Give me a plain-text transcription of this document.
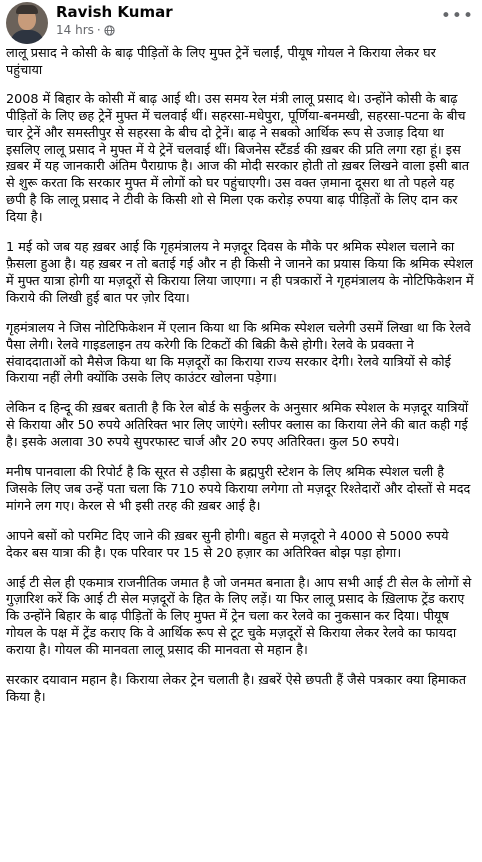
Ravish Kumar
14 hrs ·
•••

लालू प्रसाद ने कोसी के बाढ़ पीड़ितों के लिए मुफ्त ट्रेनें चलाईं, पीयूष गोयल ने किराया लेकर घर पहुंचाया

2008 में बिहार के कोसी में बाढ़ आई थी। उस समय रेल मंत्री लालू प्रसाद थे। उन्होंने कोसी के बाढ़ पीड़ितों के लिए छह ट्रेनें मुफ्त में चलवाई थीं। सहरसा-मधेपुरा, पूर्णिया-बनमखी, सहरसा-पटना के बीच चार ट्रेनें और समस्तीपुर से सहरसा के बीच दो ट्रेनें। बाढ़ ने सबको आर्थिक रूप से उजाड़ दिया था इसलिए लालू प्रसाद ने मुफ्त में ये ट्रेनें चलवाई थीं। बिजनेस स्टैंडर्ड की ख़बर की प्रति लगा रहा हूं। इस ख़बर में यह जानकारी अंतिम पैराग्राफ है। आज की मोदी सरकार होती तो ख़बर लिखने वाला इसी बात से शुरू करता कि सरकार मुफ्त में लोगों को घर पहुंचाएगी। उस वक्त ज़माना दूसरा था तो पहले यह छपी है कि लालू प्रसाद ने टीवी के किसी शो से मिला एक करोड़ रुपया बाढ़ पीड़ितों के लिए दान कर दिया है।

1 मई को जब यह ख़बर आई कि गृहमंत्रालय ने मज़दूर दिवस के मौके पर श्रमिक स्पेशल चलाने का फ़ैसला हुआ है। यह ख़बर न तो बताई गई और न ही किसी ने जानने का प्रयास किया कि श्रमिक स्पेशल में मुफ्त यात्रा होगी या मज़दूरों से किराया लिया जाएगा। न ही पत्रकारों ने गृहमंत्रालय के नोटिफिकेशन में किराये की लिखी हुई बात पर ज़ोर दिया।

गृहमंत्रालय ने जिस नोटिफिकेशन में एलान किया था कि श्रमिक स्पेशल चलेगी उसमें लिखा था कि रेलवे पैसा लेगी। रेलवे गाइडलाइन तय करेगी कि टिकटों की बिक्री कैसे होगी। रेलवे के प्रवक्ता ने संवाददाताओं को मैसेज किया था कि मज़दूरों का किराया राज्य सरकार देगी। रेलवे यात्रियों से कोई किराया नहीं लेगी क्योंकि उसके लिए काउंटर खोलना पड़ेगा।

लेकिन द हिन्दू की ख़बर बताती है कि रेल बोर्ड के सर्कुलर के अनुसार श्रमिक स्पेशल के मज़दूर यात्रियों से किराया और 50 रुपये अतिरिक्त भार लिए जाएंगे। स्लीपर क्लास का किराया लेने की बात कही गई है। इसके अलावा 30 रुपये सुपरफास्ट चार्ज और 20 रुपए अतिरिक्त। कुल 50 रुपये।

मनीष पानवाला की रिपोर्ट है कि सूरत से उड़ीसा के ब्रह्मपुरी स्टेशन के लिए श्रमिक स्पेशल चली है जिसके लिए जब उन्हें पता चला कि 710 रुपये किराया लगेगा तो मज़दूर रिश्तेदारों और दोस्तों से मदद मांगने लग गए। केरल से भी इसी तरह की ख़बर आई है।

आपने बसों को परमिट दिए जाने की ख़बर सुनी होगी। बहुत से मज़दूरो ने 4000 से 5000 रुपये देकर बस यात्रा की है। एक परिवार पर 15 से 20 हज़ार का अतिरिक्त बोझ पड़ा होगा।

आई टी सेल ही एकमात्र राजनीतिक जमात है जो जनमत बनाता है। आप सभी आई टी सेल के लोगों से गुज़ारिश करें कि आई टी सेल मज़दूरों के हित के लिए लड़ें। या फिर लालू प्रसाद के ख़िलाफ ट्रेंड कराए कि उन्होंने बिहार के बाढ़ पीड़ितों के लिए मुफ्त में ट्रेन चला कर रेलवे का नुकसान कर दिया। पीयूष गोयल के पक्ष में ट्रेंड कराए कि वे आर्थिक रूप से टूट चुके मज़दूरों से किराया लेकर रेलवे का फायदा कराया है। गोयल की मानवता लालू प्रसाद की मानवता से महान है।

सरकार दयावान महान है। किराया लेकर ट्रेन चलाती है। ख़बरें ऐसे छपती हैं जैसे पत्रकार क्या हिमाकत किया है।
